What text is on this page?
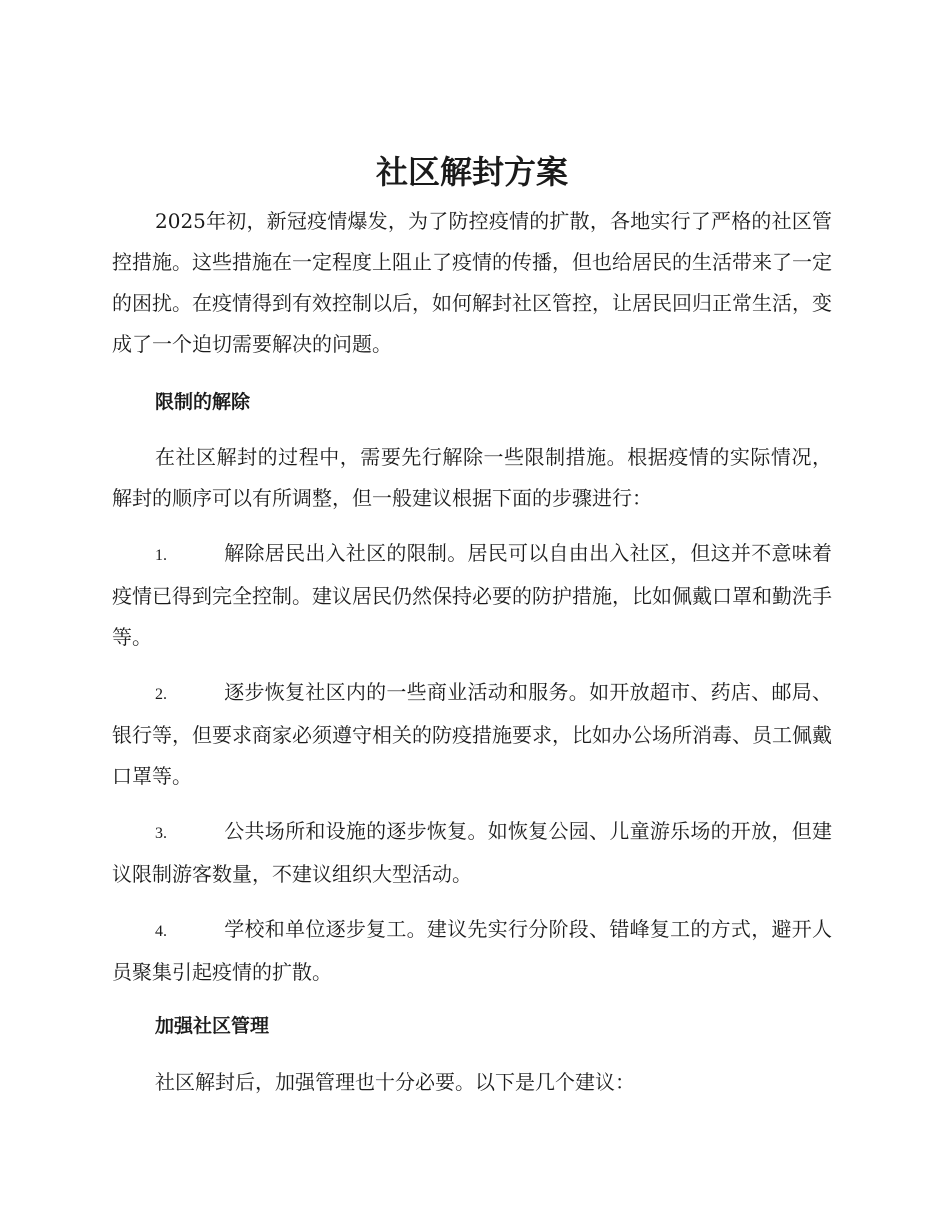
社区解封方案

2025年初，新冠疫情爆发，为了防控疫情的扩散，各地实行了严格的社区管控措施。这些措施在一定程度上阻止了疫情的传播，但也给居民的生活带来了一定的困扰。在疫情得到有效控制以后，如何解封社区管控，让居民回归正常生活，变成了一个迫切需要解决的问题。

限制的解除

在社区解封的过程中，需要先行解除一些限制措施。根据疫情的实际情况，解封的顺序可以有所调整，但一般建议根据下面的步骤进行：

1.	解除居民出入社区的限制。居民可以自由出入社区，但这并不意味着疫情已得到完全控制。建议居民仍然保持必要的防护措施，比如佩戴口罩和勤洗手等。

2.	逐步恢复社区内的一些商业活动和服务。如开放超市、药店、邮局、银行等，但要求商家必须遵守相关的防疫措施要求，比如办公场所消毒、员工佩戴口罩等。

3.	公共场所和设施的逐步恢复。如恢复公园、儿童游乐场的开放，但建议限制游客数量，不建议组织大型活动。

4.	学校和单位逐步复工。建议先实行分阶段、错峰复工的方式，避开人员聚集引起疫情的扩散。

加强社区管理

社区解封后，加强管理也十分必要。以下是几个建议：
